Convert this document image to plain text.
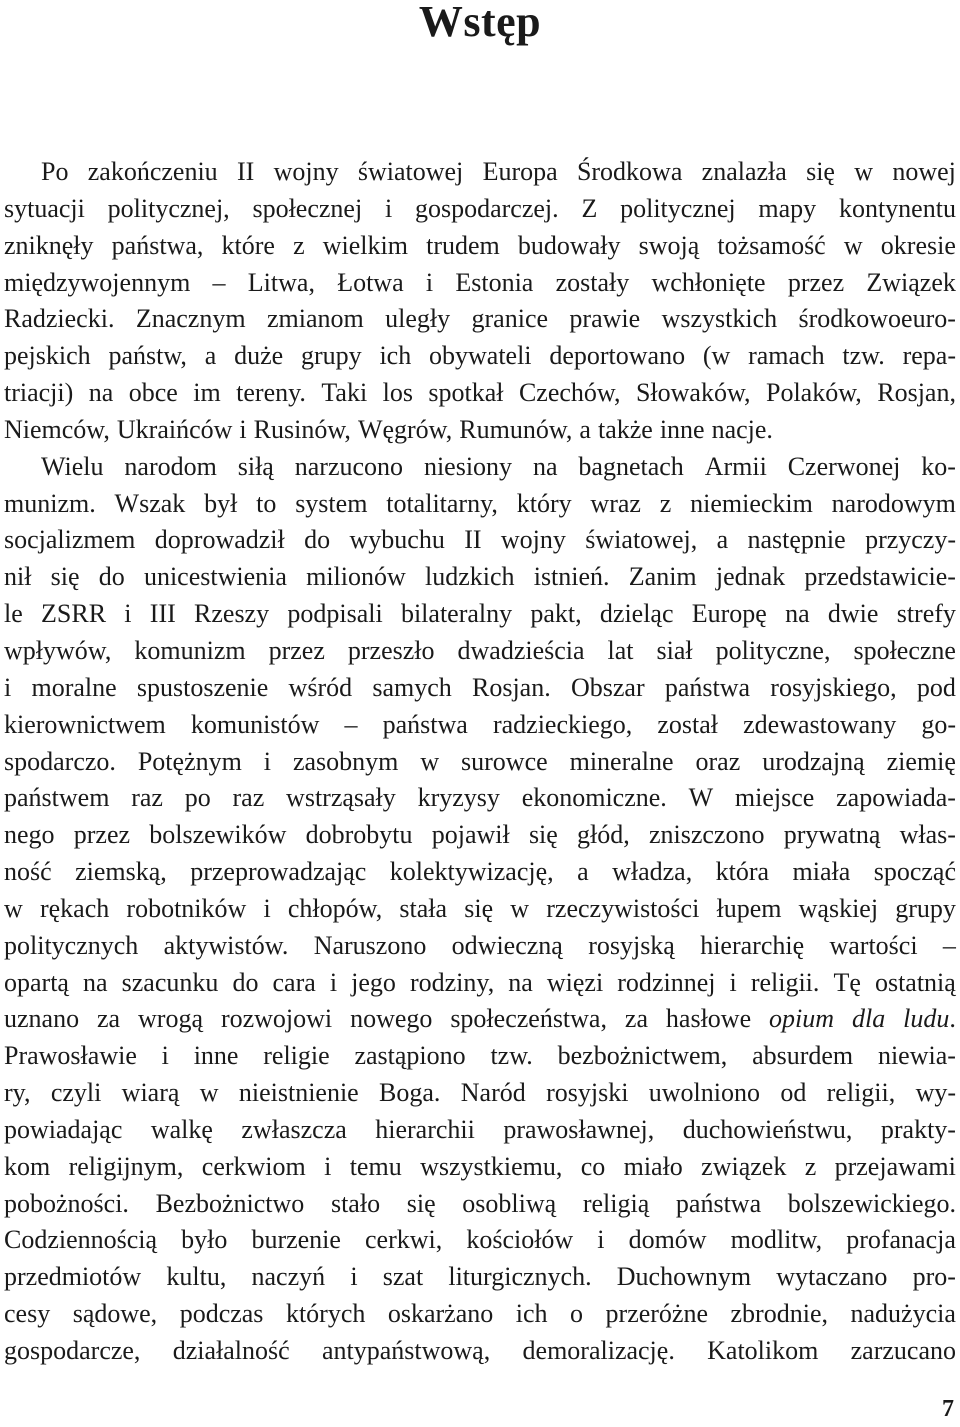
Wstęp
Po zakończeniu II wojny światowej Europa Środkowa znalazła się w nowej
sytuacji politycznej, społecznej i gospodarczej. Z politycznej mapy kontynentu
zniknęły państwa, które z wielkim trudem budowały swoją tożsamość w okresie
międzywojennym – Litwa, Łotwa i Estonia zostały wchłonięte przez Związek
Radziecki. Znacznym zmianom uległy granice prawie wszystkich środkowoeuro-
pejskich państw, a duże grupy ich obywateli deportowano (w ramach tzw. repa-
triacji) na obce im tereny. Taki los spotkał Czechów, Słowaków, Polaków, Rosjan,
Niemców, Ukraińców i Rusinów, Węgrów, Rumunów, a także inne nacje.
Wielu narodom siłą narzucono niesiony na bagnetach Armii Czerwonej ko-
munizm. Wszak był to system totalitarny, który wraz z niemieckim narodowym
socjalizmem doprowadził do wybuchu II wojny światowej, a następnie przyczy-
nił się do unicestwienia milionów ludzkich istnień. Zanim jednak przedstawicie-
le ZSRR i III Rzeszy podpisali bilateralny pakt, dzieląc Europę na dwie strefy
wpływów, komunizm przez przeszło dwadzieścia lat siał polityczne, społeczne
i moralne spustoszenie wśród samych Rosjan. Obszar państwa rosyjskiego, pod
kierownictwem komunistów – państwa radzieckiego, został zdewastowany go-
spodarczo. Potężnym i zasobnym w surowce mineralne oraz urodzajną ziemię
państwem raz po raz wstrząsały kryzysy ekonomiczne. W miejsce zapowiada-
nego przez bolszewików dobrobytu pojawił się głód, zniszczono prywatną włas-
ność ziemską, przeprowadzając kolektywizację, a władza, która miała spocząć
w rękach robotników i chłopów, stała się w rzeczywistości łupem wąskiej grupy
politycznych aktywistów. Naruszono odwieczną rosyjską hierarchię wartości –
opartą na szacunku do cara i jego rodziny, na więzi rodzinnej i religii. Tę ostatnią
uznano za wrogą rozwojowi nowego społeczeństwa, za hasłowe opium dla ludu.
Prawosławie i inne religie zastąpiono tzw. bezbożnictwem, absurdem niewia-
ry, czyli wiarą w nieistnienie Boga. Naród rosyjski uwolniono od religii, wy-
powiadając walkę zwłaszcza hierarchii prawosławnej, duchowieństwu, prakty-
kom religijnym, cerkwiom i temu wszystkiemu, co miało związek z przejawami
pobożności. Bezbożnictwo stało się osobliwą religią państwa bolszewickiego.
Codziennością było burzenie cerkwi, kościołów i domów modlitw, profanacja
przedmiotów kultu, naczyń i szat liturgicznych. Duchownym wytaczano pro-
cesy sądowe, podczas których oskarżano ich o przeróżne zbrodnie, nadużycia
gospodarcze, działalność antypaństwową, demoralizację. Katolikom zarzucano
7
